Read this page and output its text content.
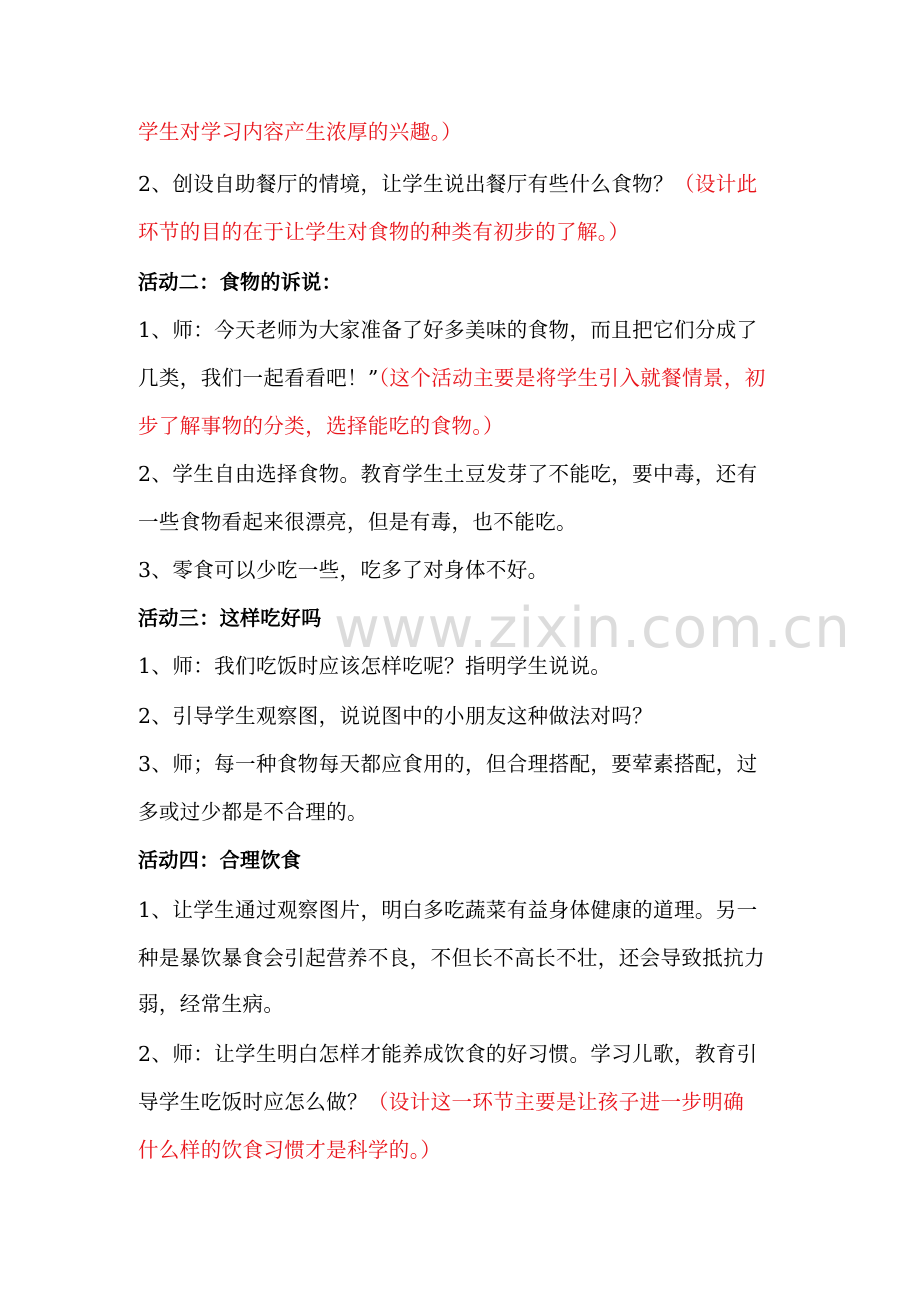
www.zixin.com.cn
学生对学习内容产生浓厚的兴趣。）
2、创设自助餐厅的情境，让学生说出餐厅有些什么食物？（设计此
环节的目的在于让学生对食物的种类有初步的了解。）
活动二：食物的诉说：
1、师：今天老师为大家准备了好多美味的食物，而且把它们分成了
几类，我们一起看看吧！”（这个活动主要是将学生引入就餐情景，初
步了解事物的分类，选择能吃的食物。）
2、学生自由选择食物。教育学生土豆发芽了不能吃，要中毒，还有
一些食物看起来很漂亮，但是有毒，也不能吃。
3、零食可以少吃一些，吃多了对身体不好。
活动三：这样吃好吗
1、师：我们吃饭时应该怎样吃呢？指明学生说说。
2、引导学生观察图，说说图中的小朋友这种做法对吗？
3、师；每一种食物每天都应食用的，但合理搭配，要荤素搭配，过
多或过少都是不合理的。
活动四：合理饮食
1、让学生通过观察图片，明白多吃蔬菜有益身体健康的道理。另一
种是暴饮暴食会引起营养不良，不但长不高长不壮，还会导致抵抗力
弱，经常生病。
2、师：让学生明白怎样才能养成饮食的好习惯。学习儿歌，教育引
导学生吃饭时应怎么做？（设计这一环节主要是让孩子进一步明确
什么样的饮食习惯才是科学的。）
